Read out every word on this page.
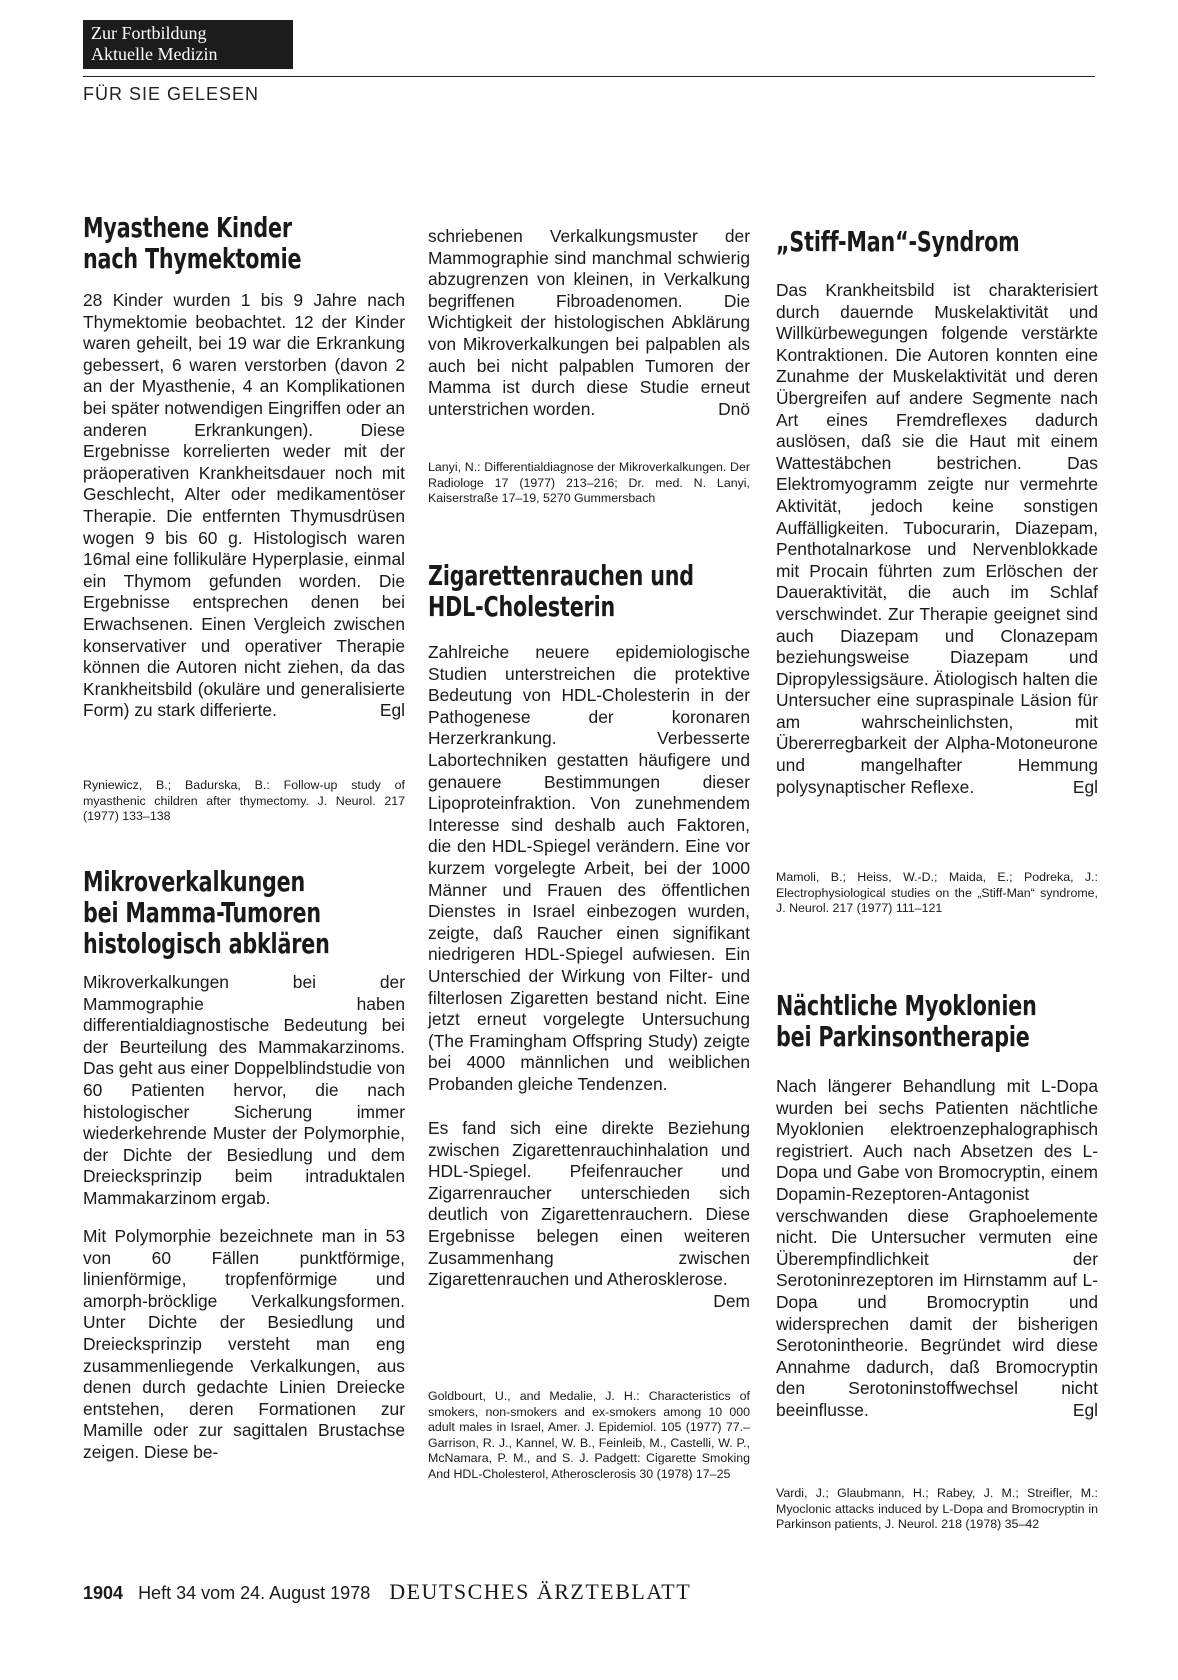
Zur Fortbildung
Aktuelle Medizin
FÜR SIE GELESEN
Myasthene Kinder
nach Thymektomie

28 Kinder wurden 1 bis 9 Jahre nach Thymektomie beobachtet. 12 der Kinder waren geheilt, bei 19 war die Erkrankung gebessert, 6 waren verstorben (davon 2 an der Myasthenie, 4 an Komplikationen bei später notwendigen Eingriffen oder an anderen Erkrankungen). Diese Ergebnisse korrelierten weder mit der präoperativen Krankheitsdauer noch mit Geschlecht, Alter oder medikamentöser Therapie. Die entfernten Thymusdrüsen wogen 9 bis 60 g. Histologisch waren 16mal eine follikuläre Hyperplasie, einmal ein Thymom gefunden worden. Die Ergebnisse entsprechen denen bei Erwachsenen. Einen Vergleich zwischen konservativer und operativer Therapie können die Autoren nicht ziehen, da das Krankheitsbild (okuläre und generalisierte Form) zu stark differierte.	Egl

Ryniewicz, B.; Badurska, B.: Follow-up study of myasthenic children after thymectomy. J. Neurol. 217 (1977) 133–138

Mikroverkalkungen
bei Mamma-Tumoren
histologisch abklären

Mikroverkalkungen bei der Mammographie haben differentialdiagnostische Bedeutung bei der Beurteilung des Mammakarzinoms. Das geht aus einer Doppelblindstudie von 60 Patienten hervor, die nach histologischer Sicherung immer wiederkehrende Muster der Polymorphie, der Dichte der Besiedlung und dem Dreiecksprinzip beim intraduktalen Mammakarzinom ergab.

Mit Polymorphie bezeichnete man in 53 von 60 Fällen punktförmige, linienförmige, tropfenförmige und amorph-bröcklige Verkalkungsformen. Unter Dichte der Besiedlung und Dreiecksprinzip versteht man eng zusammenliegende Verkalkungen, aus denen durch gedachte Linien Dreiecke entstehen, deren Formationen zur Mamille oder zur sagittalen Brustachse zeigen. Diese be-

schriebenen Verkalkungsmuster der Mammographie sind manchmal schwierig abzugrenzen von kleinen, in Verkalkung begriffenen Fibroadenomen. Die Wichtigkeit der histologischen Abklärung von Mikroverkalkungen bei palpablen als auch bei nicht palpablen Tumoren der Mamma ist durch diese Studie erneut unterstrichen worden.	Dnö

Lanyi, N.: Differentialdiagnose der Mikroverkalkungen. Der Radiologe 17 (1977) 213–216; Dr. med. N. Lanyi, Kaiserstraße 17–19, 5270 Gummersbach

Zigarettenrauchen und
HDL-Cholesterin

Zahlreiche neuere epidemiologische Studien unterstreichen die protektive Bedeutung von HDL-Cholesterin in der Pathogenese der koronaren Herzerkrankung. Verbesserte Labortechniken gestatten häufigere und genauere Bestimmungen dieser Lipoproteinfraktion. Von zunehmendem Interesse sind deshalb auch Faktoren, die den HDL-Spiegel verändern. Eine vor kurzem vorgelegte Arbeit, bei der 1000 Männer und Frauen des öffentlichen Dienstes in Israel einbezogen wurden, zeigte, daß Raucher einen signifikant niedrigeren HDL-Spiegel aufwiesen. Ein Unterschied der Wirkung von Filter- und filterlosen Zigaretten bestand nicht. Eine jetzt erneut vorgelegte Untersuchung (The Framingham Offspring Study) zeigte bei 4000 männlichen und weiblichen Probanden gleiche Tendenzen.

Es fand sich eine direkte Beziehung zwischen Zigarettenrauchinhalation und HDL-Spiegel. Pfeifenraucher und Zigarrenraucher unterschieden sich deutlich von Zigarettenrauchern. Diese Ergebnisse belegen einen weiteren Zusammenhang zwischen Zigarettenrauchen und Atherosklerose.
Dem

Goldbourt, U., and Medalie, J. H.: Characteristics of smokers, non-smokers and ex-smokers among 10 000 adult males in Israel, Amer. J. Epidemiol. 105 (1977) 77.– Garrison, R. J., Kannel, W. B., Feinleib, M., Castelli, W. P., McNamara, P. M., and S. J. Padgett: Cigarette Smoking And HDL-Cholesterol, Atherosclerosis 30 (1978) 17–25

„Stiff-Man“-Syndrom

Das Krankheitsbild ist charakterisiert durch dauernde Muskelaktivität und Willkürbewegungen folgende verstärkte Kontraktionen. Die Autoren konnten eine Zunahme der Muskelaktivität und deren Übergreifen auf andere Segmente nach Art eines Fremdreflexes dadurch auslösen, daß sie die Haut mit einem Wattestäbchen bestrichen. Das Elektromyogramm zeigte nur vermehrte Aktivität, jedoch keine sonstigen Auffälligkeiten. Tubocurarin, Diazepam, Penthotalnarkose und Nervenblokkade mit Procain führten zum Erlöschen der Daueraktivität, die auch im Schlaf verschwindet. Zur Therapie geeignet sind auch Diazepam und Clonazepam beziehungsweise Diazepam und Dipropylessigsäure. Ätiologisch halten die Untersucher eine supraspinale Läsion für am wahrscheinlichsten, mit Übererregbarkeit der Alpha-Motoneurone und mangelhafter Hemmung polysynaptischer Reflexe.	Egl

Mamoli, B.; Heiss, W.-D.; Maida, E.; Podreka, J.: Electrophysiological studies on the „Stiff-Man“ syndrome, J. Neurol. 217 (1977) 111–121

Nächtliche Myoklonien
bei Parkinsontherapie

Nach längerer Behandlung mit L-Dopa wurden bei sechs Patienten nächtliche Myoklonien elektroenzephalographisch registriert. Auch nach Absetzen des L-Dopa und Gabe von Bromocryptin, einem Dopamin-Rezeptoren-Antagonist verschwanden diese Graphoelemente nicht. Die Untersucher vermuten eine Überempfindlichkeit der Serotoninrezeptoren im Hirnstamm auf L-Dopa und Bromocryptin und widersprechen damit der bisherigen Serotonintheorie. Begründet wird diese Annahme dadurch, daß Bromocryptin den Serotoninstoffwechsel nicht beeinflusse.	Egl

Vardi, J.; Glaubmann, H.; Rabey, J. M.; Streifler, M.: Myoclonic attacks induced by L-Dopa and Bromocryptin in Parkinson patients, J. Neurol. 218 (1978) 35–42

1904 Heft 34 vom 24. August 1978 DEUTSCHES ÄRZTEBLATT
